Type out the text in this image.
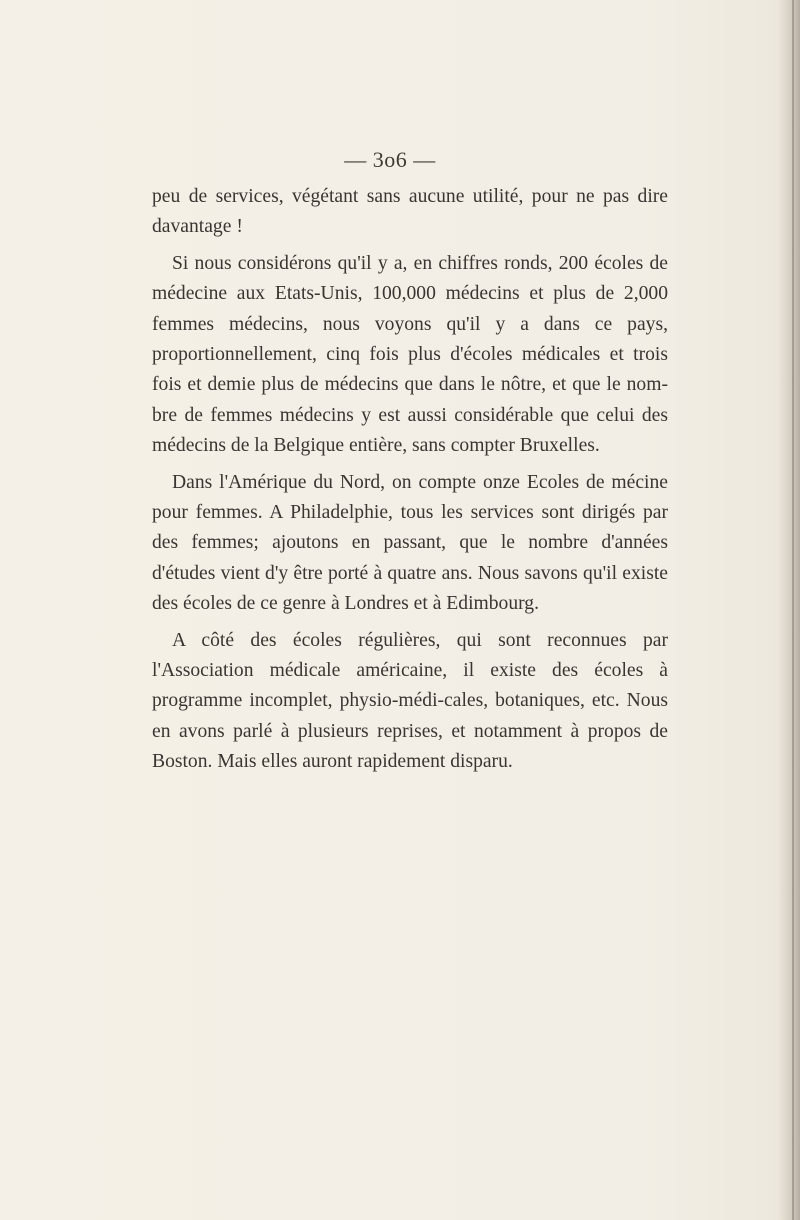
— 3o6 —

peu de services, végétant sans aucune utilité, pour ne pas dire davantage !

Si nous considérons qu'il y a, en chiffres ronds, 200 écoles de médecine aux Etats-Unis, 100,000 médecins et plus de 2,000 femmes médecins, nous voyons qu'il y a dans ce pays, proportionnellement, cinq fois plus d'écoles médicales et trois fois et demie plus de médecins que dans le nôtre, et que le nom-bre de femmes médecins y est aussi considérable que celui des médecins de la Belgique entière, sans compter Bruxelles.

Dans l'Amérique du Nord, on compte onze Ecoles de mécine pour femmes. A Philadelphie, tous les services sont dirigés par des femmes; ajoutons en passant, que le nombre d'années d'études vient d'y être porté à quatre ans. Nous savons qu'il existe des écoles de ce genre à Londres et à Edimbourg.

A côté des écoles régulières, qui sont reconnues par l'Association médicale américaine, il existe des écoles à programme incomplet, physio-médi-cales, botaniques, etc. Nous en avons parlé à plusieurs reprises, et notamment à propos de Boston. Mais elles auront rapidement disparu.
